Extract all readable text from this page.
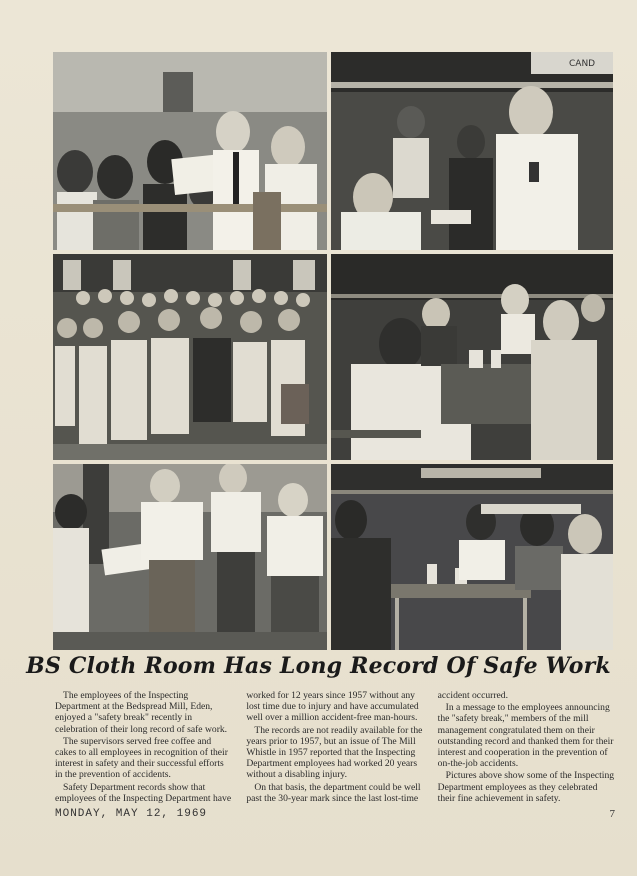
CAND
BS Cloth Room Has Long Record Of Safe Work

The employees of the Inspecting Department at the Bedspread Mill, Eden, enjoyed a "safety break" recently in celebration of their long record of safe work.

The supervisors served free coffee and cakes to all employees in recognition of their interest in safety and their successful efforts in the prevention of accidents.

Safety Department records show that employees of the Inspecting Department have worked for 12 years since 1957 without any lost time due to injury and have accumulated well over a million accident-free man-hours.

The records are not readily available for the years prior to 1957, but an issue of The Mill Whistle in 1957 reported that the Inspecting Department employees had worked 20 years without a disabling injury.

On that basis, the department could be well past the 30-year mark since the last lost-time accident occurred.

In a message to the employees announcing the "safety break," members of the mill management congratulated them on their outstanding record and thanked them for their interest and cooperation in the prevention of on-the-job accidents.

Pictures above show some of the Inspecting Department employees as they celebrated their fine achievement in safety.

MONDAY, MAY 12, 1969	7
